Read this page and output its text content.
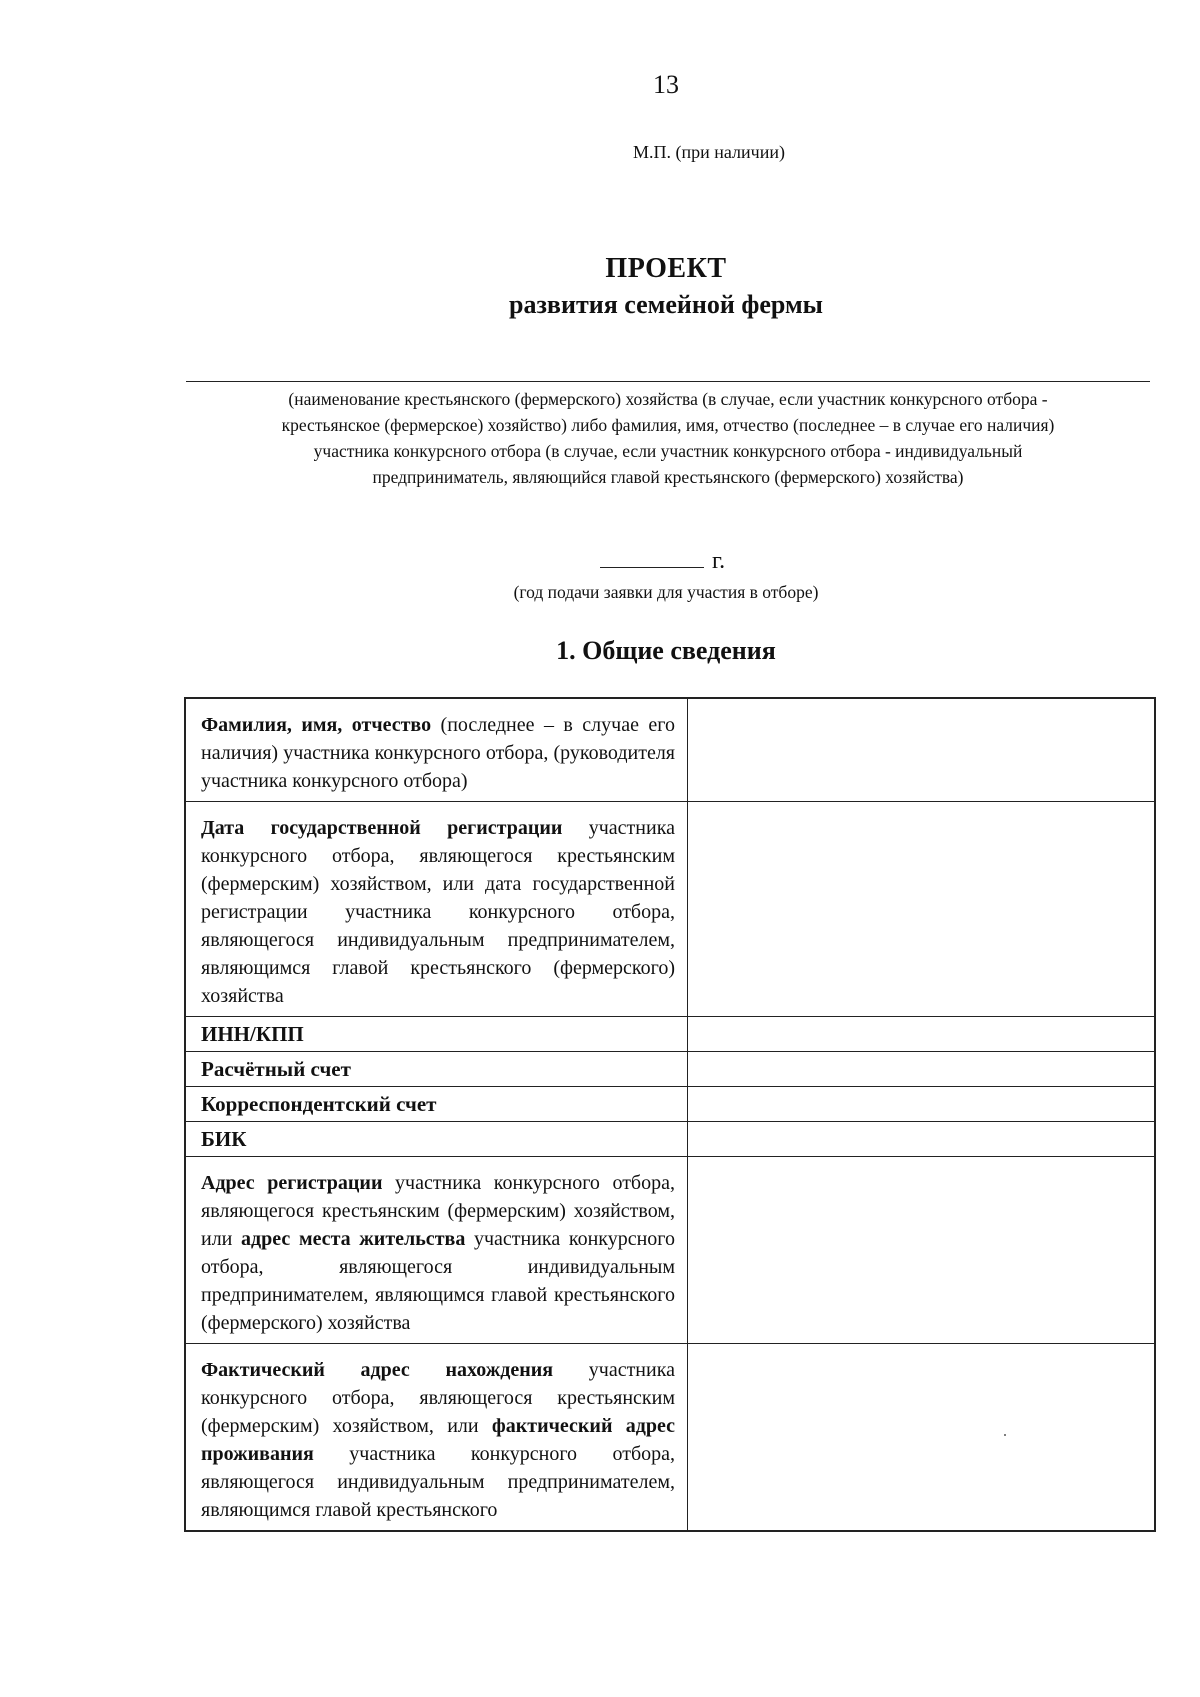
13
М.П. (при наличии)
ПРОЕКТ
развития семейной фермы
(наименование крестьянского (фермерского) хозяйства (в случае, если участник конкурсного отбора -
крестьянское (фермерское) хозяйство) либо фамилия, имя, отчество (последнее – в случае его наличия)
участника конкурсного отбора (в случае, если участник конкурсного отбора - индивидуальный
предприниматель, являющийся главой крестьянского (фермерского) хозяйства)
г.
(год подачи заявки для участия в отборе)
1. Общие сведения
Фамилия, имя, отчество (последнее – в случае его наличия) участника конкурсного отбора, (руководителя участника конкурсного отбора)
Дата государственной регистрации участника конкурсного отбора, являющегося крестьянским (фермерским) хозяйством, или дата государственной регистрации участника конкурсного отбора, являющегося индивидуальным предпринимателем, являющимся главой крестьянского (фермерского) хозяйства
ИНН/КПП
Расчётный счет
Корреспондентский счет
БИК
Адрес регистрации участника конкурсного отбора, являющегося крестьянским (фермерским) хозяйством, или адрес места жительства участника конкурсного отбора, являющегося индивидуальным предпринимателем, являющимся главой крестьянского (фермерского) хозяйства
Фактический адрес нахождения участника конкурсного отбора, являющегося крестьянским (фермерским) хозяйством, или фактический адрес проживания участника конкурсного отбора, являющегося индивидуальным предпринимателем, являющимся главой крестьянского
